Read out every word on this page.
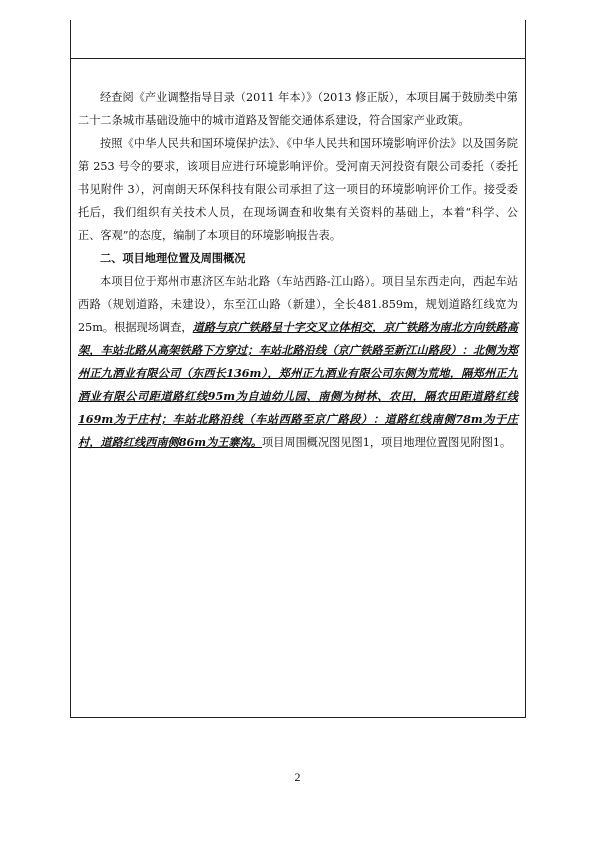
经查阅《产业调整指导目录（2011 年本）》（2013 修正版），本项目属于鼓励类中第二十二条城市基础设施中的城市道路及智能交通体系建设，符合国家产业政策。

按照《中华人民共和国环境保护法》、《中华人民共和国环境影响评价法》以及国务院第 253 号令的要求，该项目应进行环境影响评价。受河南天河投资有限公司委托（委托书见附件 3），河南朗天环保科技有限公司承担了这一项目的环境影响评价工作。接受委托后，我们组织有关技术人员，在现场调查和收集有关资料的基础上，本着“科学、公正、客观”的态度，编制了本项目的环境影响报告表。

二、项目地理位置及周围概况

本项目位于郑州市惠济区车站北路（车站西路-江山路）。项目呈东西走向，西起车站西路（规划道路，未建设），东至江山路（新建），全长481.859m，规划道路红线宽为25m。根据现场调查，道路与京广铁路呈十字交叉立体相交，京广铁路为南北方向铁路高架，车站北路从高架铁路下方穿过；车站北路沿线（京广铁路至新江山路段）：北侧为郑州正九酒业有限公司（东西长136m），郑州正九酒业有限公司东侧为荒地，隔郑州正九酒业有限公司距道路红线95m为自迪幼儿园、南侧为树林、农田，隔农田距道路红线169m为于庄村；车站北路沿线（车站西路至京广路段）：道路红线南侧78m为于庄村，道路红线西南侧86m为王寨沟。项目周围概况图见图1，项目地理位置图见附图1。

2
